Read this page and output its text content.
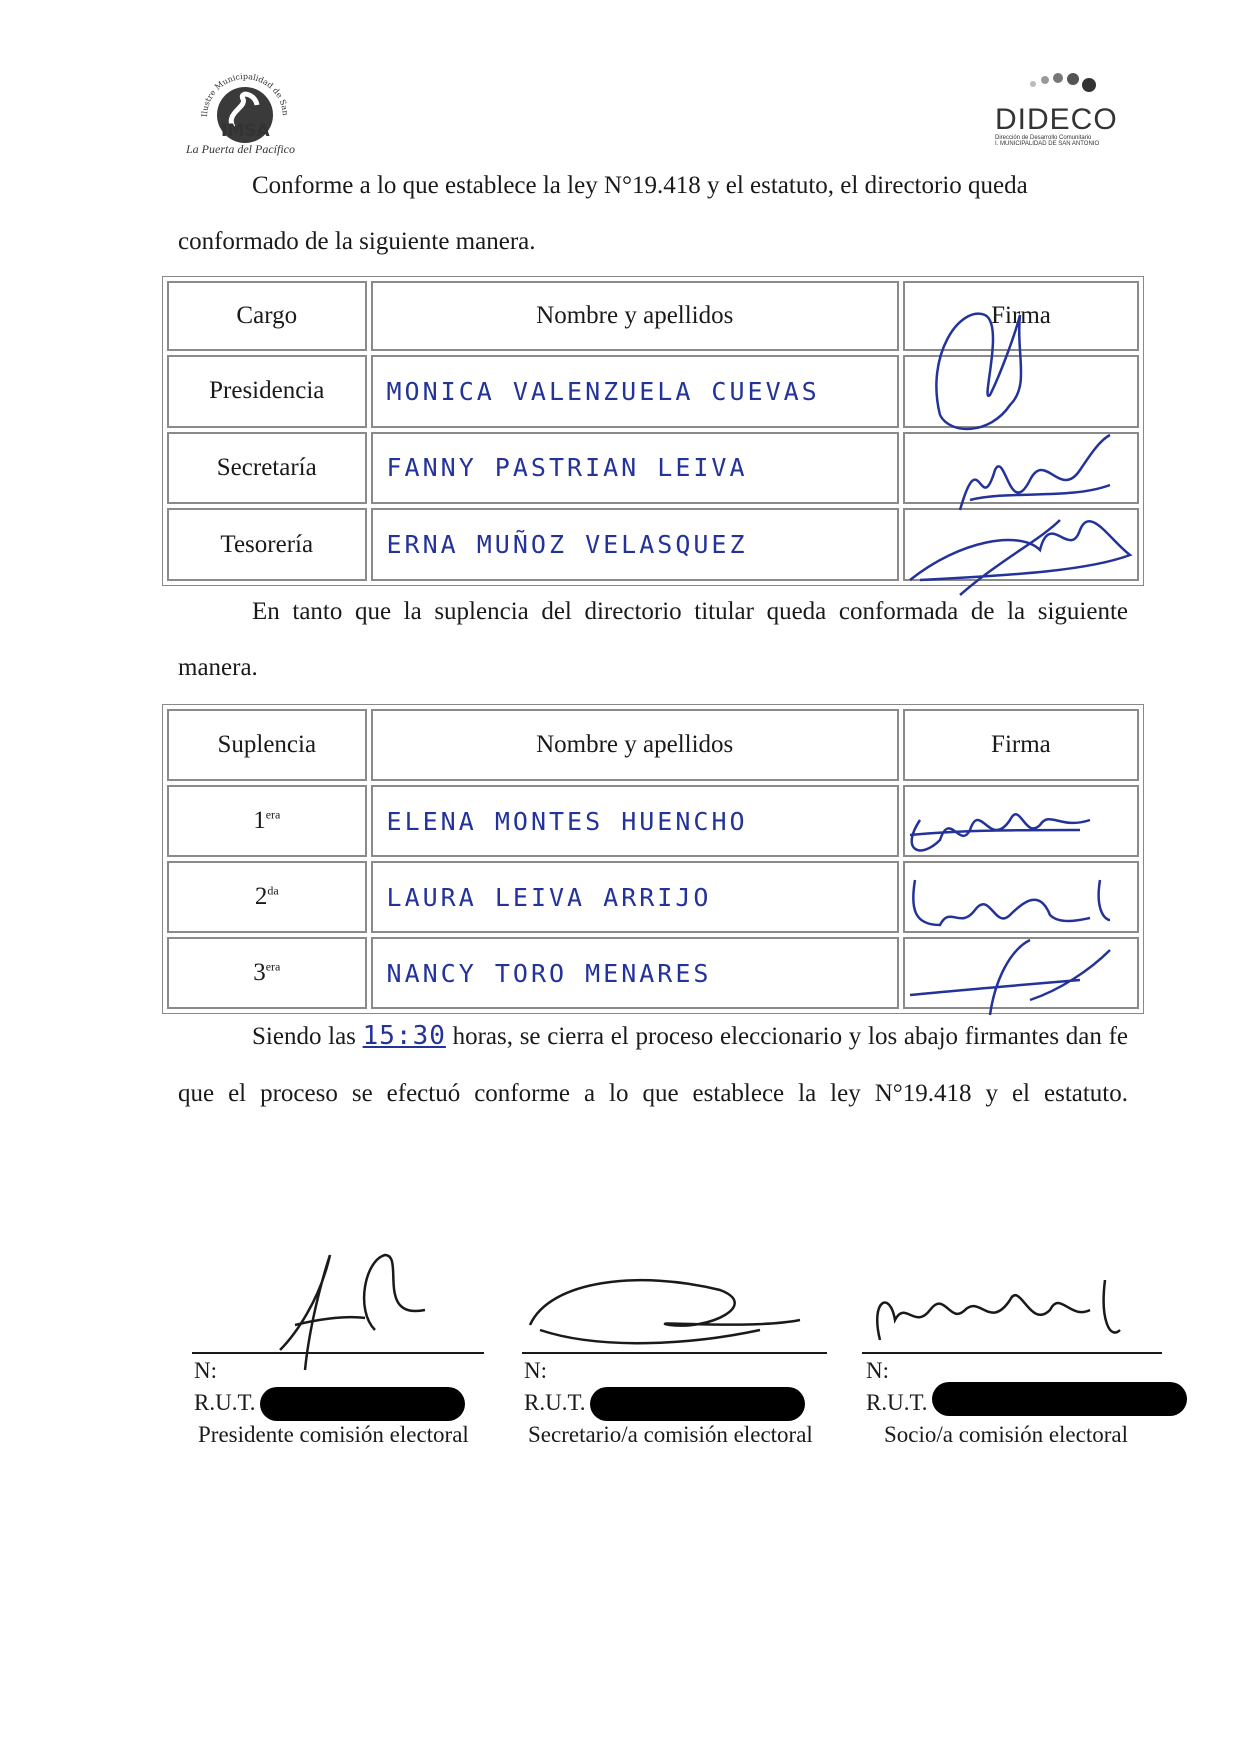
Ilustre Municipalidad de San
IMSA
La Puerta del Pacífico
DIDECO
Dirección de Desarrollo Comunitario
I. MUNICIPALIDAD DE SAN ANTONIO
Conforme a lo que establece la ley N°19.418 y el estatuto, el directorio queda conformado de la siguiente manera.
Cargo	Nombre y apellidos	Firma
Presidencia	MONICA VALENZUELA CUEVAS	
Secretaría	FANNY PASTRIAN LEIVA	
Tesorería	ERNA MUÑOZ VELASQUEZ	
En tanto que la suplencia del directorio titular queda conformada de la siguiente manera.
Suplencia	Nombre y apellidos	Firma
$1^{era}$	ELENA MONTES HUENCHO	
$2^{da}$	LAURA LEIVA ARRIJO	
$3^{era}$	NANCY TORO MENARES	
Siendo las 15:30 horas, se cierra el proceso eleccionario y los abajo firmantes dan fe que el proceso se efectuó conforme a lo que establece la ley N°19.418 y el estatuto.
N:
R.U.T.
Presidente comisión electoral
N:
R.U.T.
Secretario/a comisión electoral
N:
R.U.T.
Socio/a comisión electoral
